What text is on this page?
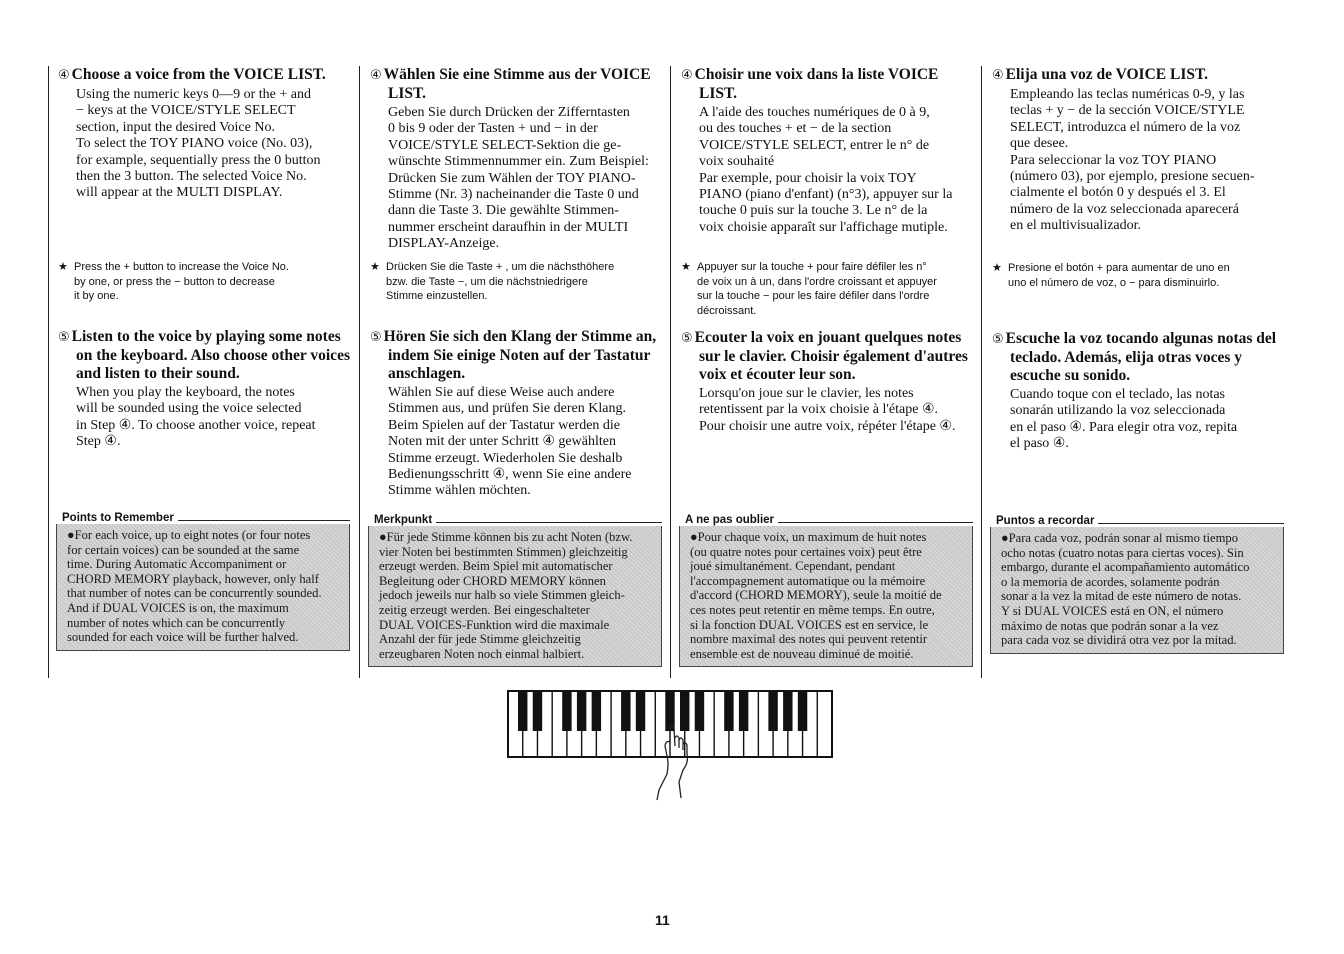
④ Choose a voice from the VOICE LIST.

Using the numeric keys 0—9 or the + and
− keys at the VOICE/STYLE SELECT
section, input the desired Voice No.
To select the TOY PIANO voice (No. 03),
for example, sequentially press the 0 button
then the 3 button. The selected Voice No.
will appear at the MULTI DISPLAY.
★ Press the + button to increase the Voice No.
by one, or press the − button to decrease
it by one.

⑤ Listen to the voice by playing some notes on the keyboard. Also choose other voices and listen to their sound.

When you play the keyboard, the notes
will be sounded using the voice selected
in Step ④. To choose another voice, repeat
Step ④.
Points to Remember
●For each voice, up to eight notes (or four notes
for certain voices) can be sounded at the same
time. During Automatic Accompaniment or
CHORD MEMORY playback, however, only half
that number of notes can be concurrently sounded.
And if DUAL VOICES is on, the maximum
number of notes which can be concurrently
sounded for each voice will be further halved.

④ Wählen Sie eine Stimme aus der VOICE LIST.

Geben Sie durch Drücken der Zifferntasten
0 bis 9 oder der Tasten + und − in der
VOICE/STYLE SELECT-Sektion die ge-
wünschte Stimmennummer ein. Zum Beispiel:
Drücken Sie zum Wählen der TOY PIANO-
Stimme (Nr. 3) nacheinander die Taste 0 und
dann die Taste 3. Die gewählte Stimmen-
nummer erscheint daraufhin in der MULTI
DISPLAY-Anzeige.
★ Drücken Sie die Taste + , um die nächsthöhere
bzw. die Taste −, um die nächstniedrigere
Stimme einzustellen.

⑤ Hören Sie sich den Klang der Stimme an, indem Sie einige Noten auf der Tastatur anschlagen.

Wählen Sie auf diese Weise auch andere
Stimmen aus, und prüfen Sie deren Klang.
Beim Spielen auf der Tastatur werden die
Noten mit der unter Schritt ④ gewählten
Stimme erzeugt. Wiederholen Sie deshalb
Bedienungsschritt ④, wenn Sie eine andere
Stimme wählen möchten.
Merkpunkt
●Für jede Stimme können bis zu acht Noten (bzw.
vier Noten bei bestimmten Stimmen) gleichzeitig
erzeugt werden. Beim Spiel mit automatischer
Begleitung oder CHORD MEMORY können
jedoch jeweils nur halb so viele Stimmen gleich-
zeitig erzeugt werden. Bei eingeschalteter
DUAL VOICES-Funktion wird die maximale
Anzahl der für jede Stimme gleichzeitig
erzeugbaren Noten noch einmal halbiert.

④ Choisir une voix dans la liste VOICE LIST.

A l'aide des touches numériques de 0 à 9,
ou des touches + et − de la section
VOICE/STYLE SELECT, entrer le n° de
voix souhaité
Par exemple, pour choisir la voix TOY
PIANO (piano d'enfant) (n°3), appuyer sur la
touche 0 puis sur la touche 3. Le n° de la
voix choisie apparaît sur l'affichage mutiple.
★ Appuyer sur la touche + pour faire défiler les n°
de voix un à un, dans l'ordre croissant et appuyer
sur la touche − pour les faire défiler dans l'ordre
décroissant.

⑤ Ecouter la voix en jouant quelques notes sur le clavier. Choisir également d'autres voix et écouter leur son.

Lorsqu'on joue sur le clavier, les notes
retentissent par la voix choisie à l'étape ④.
Pour choisir une autre voix, répéter l'étape ④.
A ne pas oublier
●Pour chaque voix, un maximum de huit notes
(ou quatre notes pour certaines voix) peut être
joué simultanément. Cependant, pendant
l'accompagnement automatique ou la mémoire
d'accord (CHORD MEMORY), seule la moitié de
ces notes peut retentir en même temps. En outre,
si la fonction DUAL VOICES est en service, le
nombre maximal des notes qui peuvent retentir
ensemble est de nouveau diminué de moitié.

④ Elija una voz de VOICE LIST.

Empleando las teclas numéricas 0-9, y las
teclas + y − de la sección VOICE/STYLE
SELECT, introduzca el número de la voz
que desee.
Para seleccionar la voz TOY PIANO
(número 03), por ejemplo, presione secuen-
cialmente el botón 0 y después el 3. El
número de la voz seleccionada aparecerá
en el multivisualizador.
★ Presione el botón + para aumentar de uno en
uno el número de voz, o − para disminuirlo.

⑤ Escuche la voz tocando algunas notas del teclado. Además, elija otras voces y escuche su sonido.

Cuando toque con el teclado, las notas
sonarán utilizando la voz seleccionada
en el paso ④. Para elegir otra voz, repita
el paso ④.
Puntos a recordar
●Para cada voz, podrán sonar al mismo tiempo
ocho notas (cuatro notas para ciertas voces). Sin
embargo, durante el acompañamiento automático
o la memoria de acordes, solamente podrán
sonar a la vez la mitad de este número de notas.
Y si DUAL VOICES está en ON, el número
máximo de notas que podrán sonar a la vez
para cada voz se dividirá otra vez por la mitad.
11
